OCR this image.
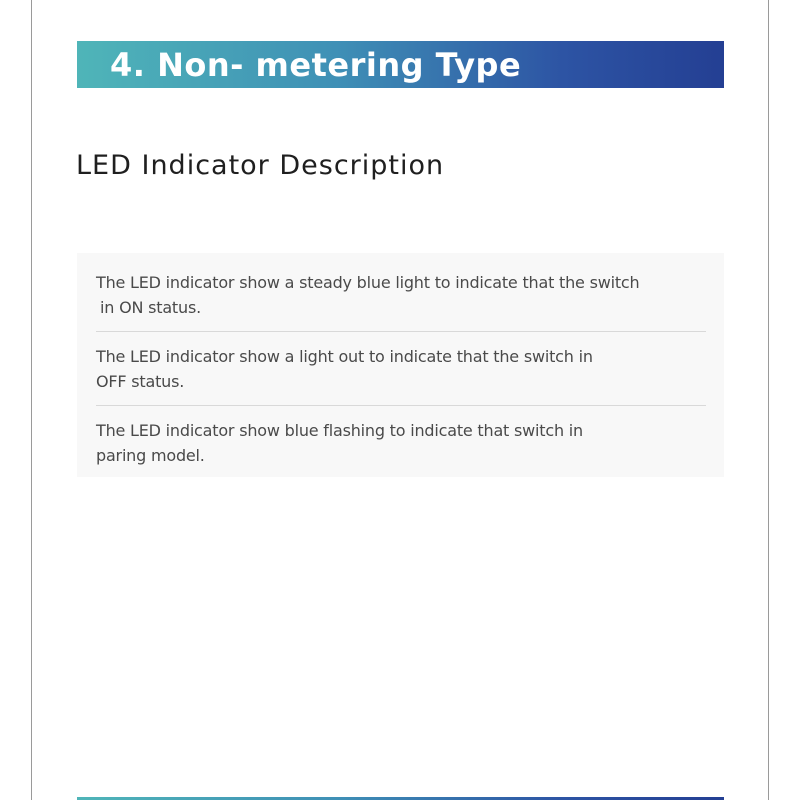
4. Non- metering Type
LED Indicator Description
The LED indicator show a steady blue light to indicate that the switch
in ON status.
The LED indicator show a light out to indicate that the switch in
OFF status.
The LED indicator show blue flashing to indicate that switch in
paring model.
